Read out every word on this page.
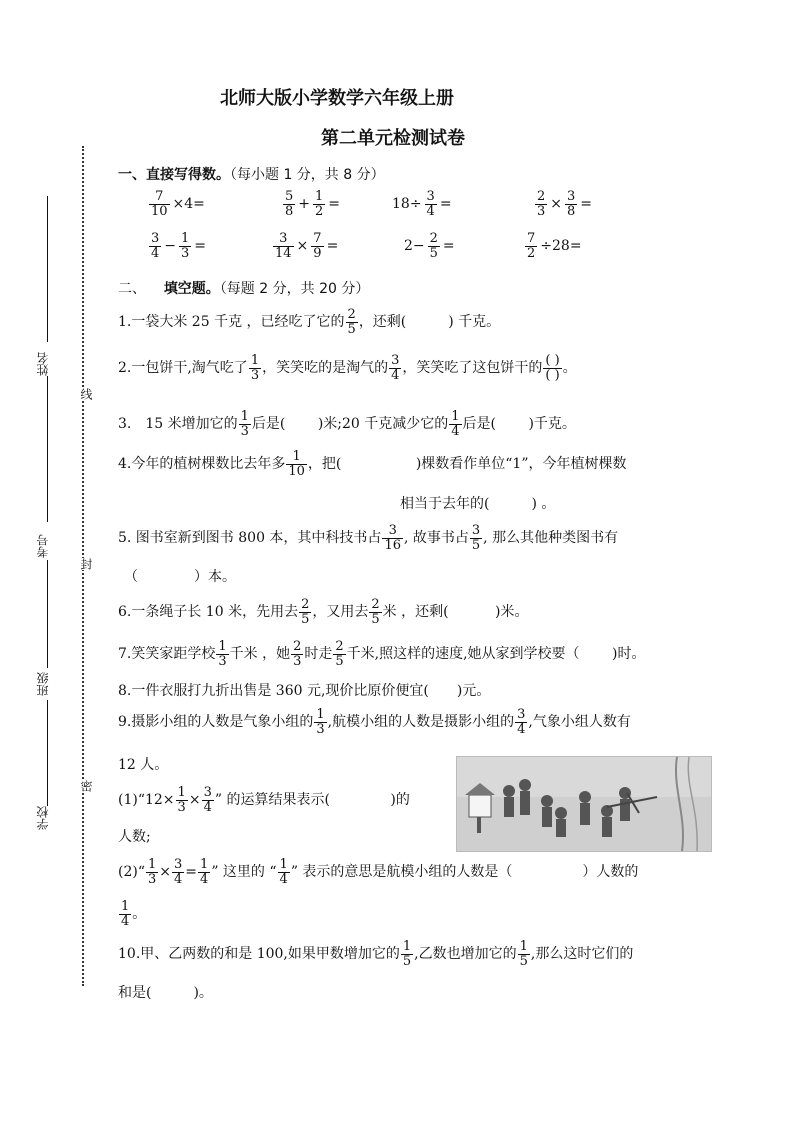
北师大版小学数学六年级上册
第二单元检测试卷
姓名
考号
班级
学校
线
封
密
一、直接写得数。（每小题 1 分，共 8 分）
$\frac{7}{10} \times 4=$	$\frac{5}{8} + \frac{1}{2}$ =	$18\div \frac{3}{4}$ =	$\frac{2}{3} \times \frac{3}{8}$ =
$\frac{3}{4} - \frac{1}{3}$ =	$\frac{3}{14} \times \frac{7}{9}$ =	$2- \frac{2}{5}$ =	$\frac{7}{2} \div 28=$
二、 填空题。（每题 2 分，共 20 分）
1.一袋大米 25 千克 ，已经吃了它的 $\frac{2}{5}$ ，还剩(　　　) 千克。
2.一包饼干,淘气吃了 $\frac{1}{3}$ ，笑笑吃的是淘气的 $\frac{3}{4}$ ，笑笑吃了这包饼干的 $\frac{( )}{( )}$ 。
3.　15 米增加它的 $\frac{1}{3}$ 后是(　　 )米;20 千克减少它的 $\frac{1}{4}$ 后是(　　 )千克。
4.今年的植树棵数比去年多 $\frac{1}{10}$ ，把(　　　　　 )棵数看作单位“1”，今年植树棵数
相当于去年的(　　　) 。
5. 图书室新到图书 800 本，其中科技书占 $\frac{3}{16}$ , 故事书占 $\frac{3}{5}$ , 那么其他种类图书有
（　　　　）本。
6.一条绳子长 10 米，先用去 $\frac{2}{5}$ ，又用去 $\frac{2}{5}$ 米 ，还剩(　　　 )米。
7.笑笑家距学校 $\frac{1}{3}$ 千米 ，她 $\frac{2}{3}$ 时走 $\frac{2}{5}$ 千米,照这样的速度,她从家到学校要（　　 )时。
8.一件衣服打九折出售是 360 元,现价比原价便宜(　　)元。
9.摄影小组的人数是气象小组的 $\frac{1}{3}$ ,航模小组的人数是摄影小组的 $\frac{3}{4}$ ,气象小组人数有
12 人。
(1)“12× $\frac{1}{3} \times \frac{3}{4}$ ” 的运算结果表示(　　　　 )的
人数;
(2)“ $\frac{1}{3} \times \frac{3}{4} = \frac{1}{4}$ ” 这里的 “ $\frac{1}{4}$ ” 表示的意思是航模小组的人数是（　　　　　）人数的
$\frac{1}{4}$ 。
10.甲、乙两数的和是 100,如果甲数增加它的 $\frac{1}{5}$ ,乙数也增加它的 $\frac{1}{5}$ ,那么这时它们的
和是(　　　)。
